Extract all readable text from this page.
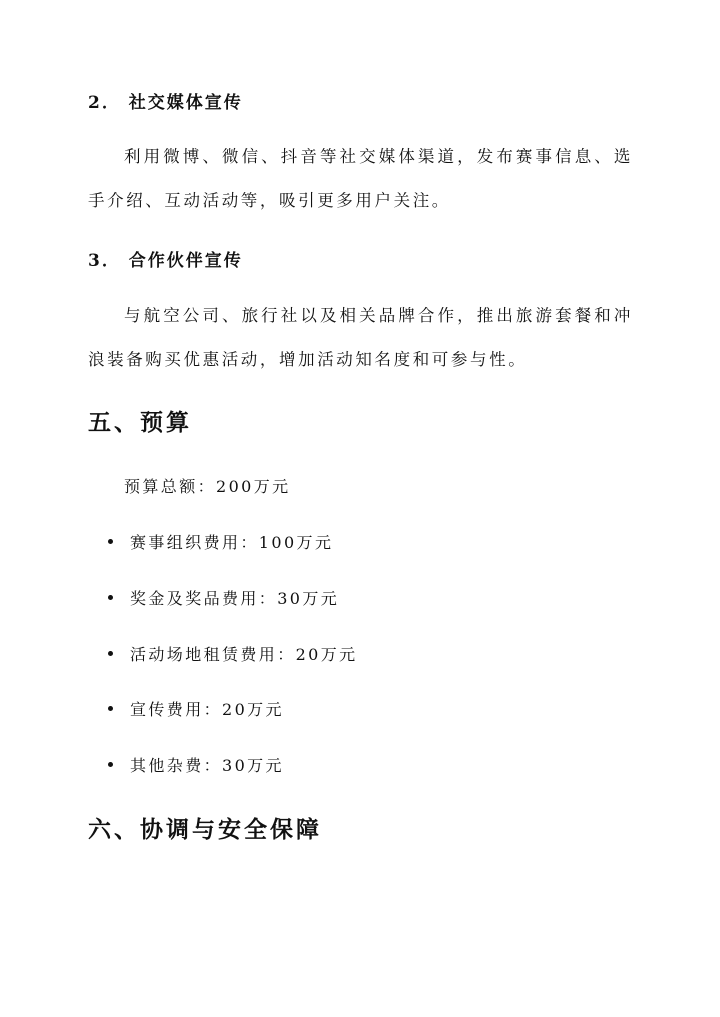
2． 社交媒体宣传
利用微博、微信、抖音等社交媒体渠道，发布赛事信息、选手介绍、互动活动等，吸引更多用户关注。
3． 合作伙伴宣传
与航空公司、旅行社以及相关品牌合作，推出旅游套餐和冲浪装备购买优惠活动，增加活动知名度和可参与性。
五、预算
预算总额：200万元
赛事组织费用：100万元
奖金及奖品费用：30万元
活动场地租赁费用：20万元
宣传费用：20万元
其他杂费：30万元
六、协调与安全保障
